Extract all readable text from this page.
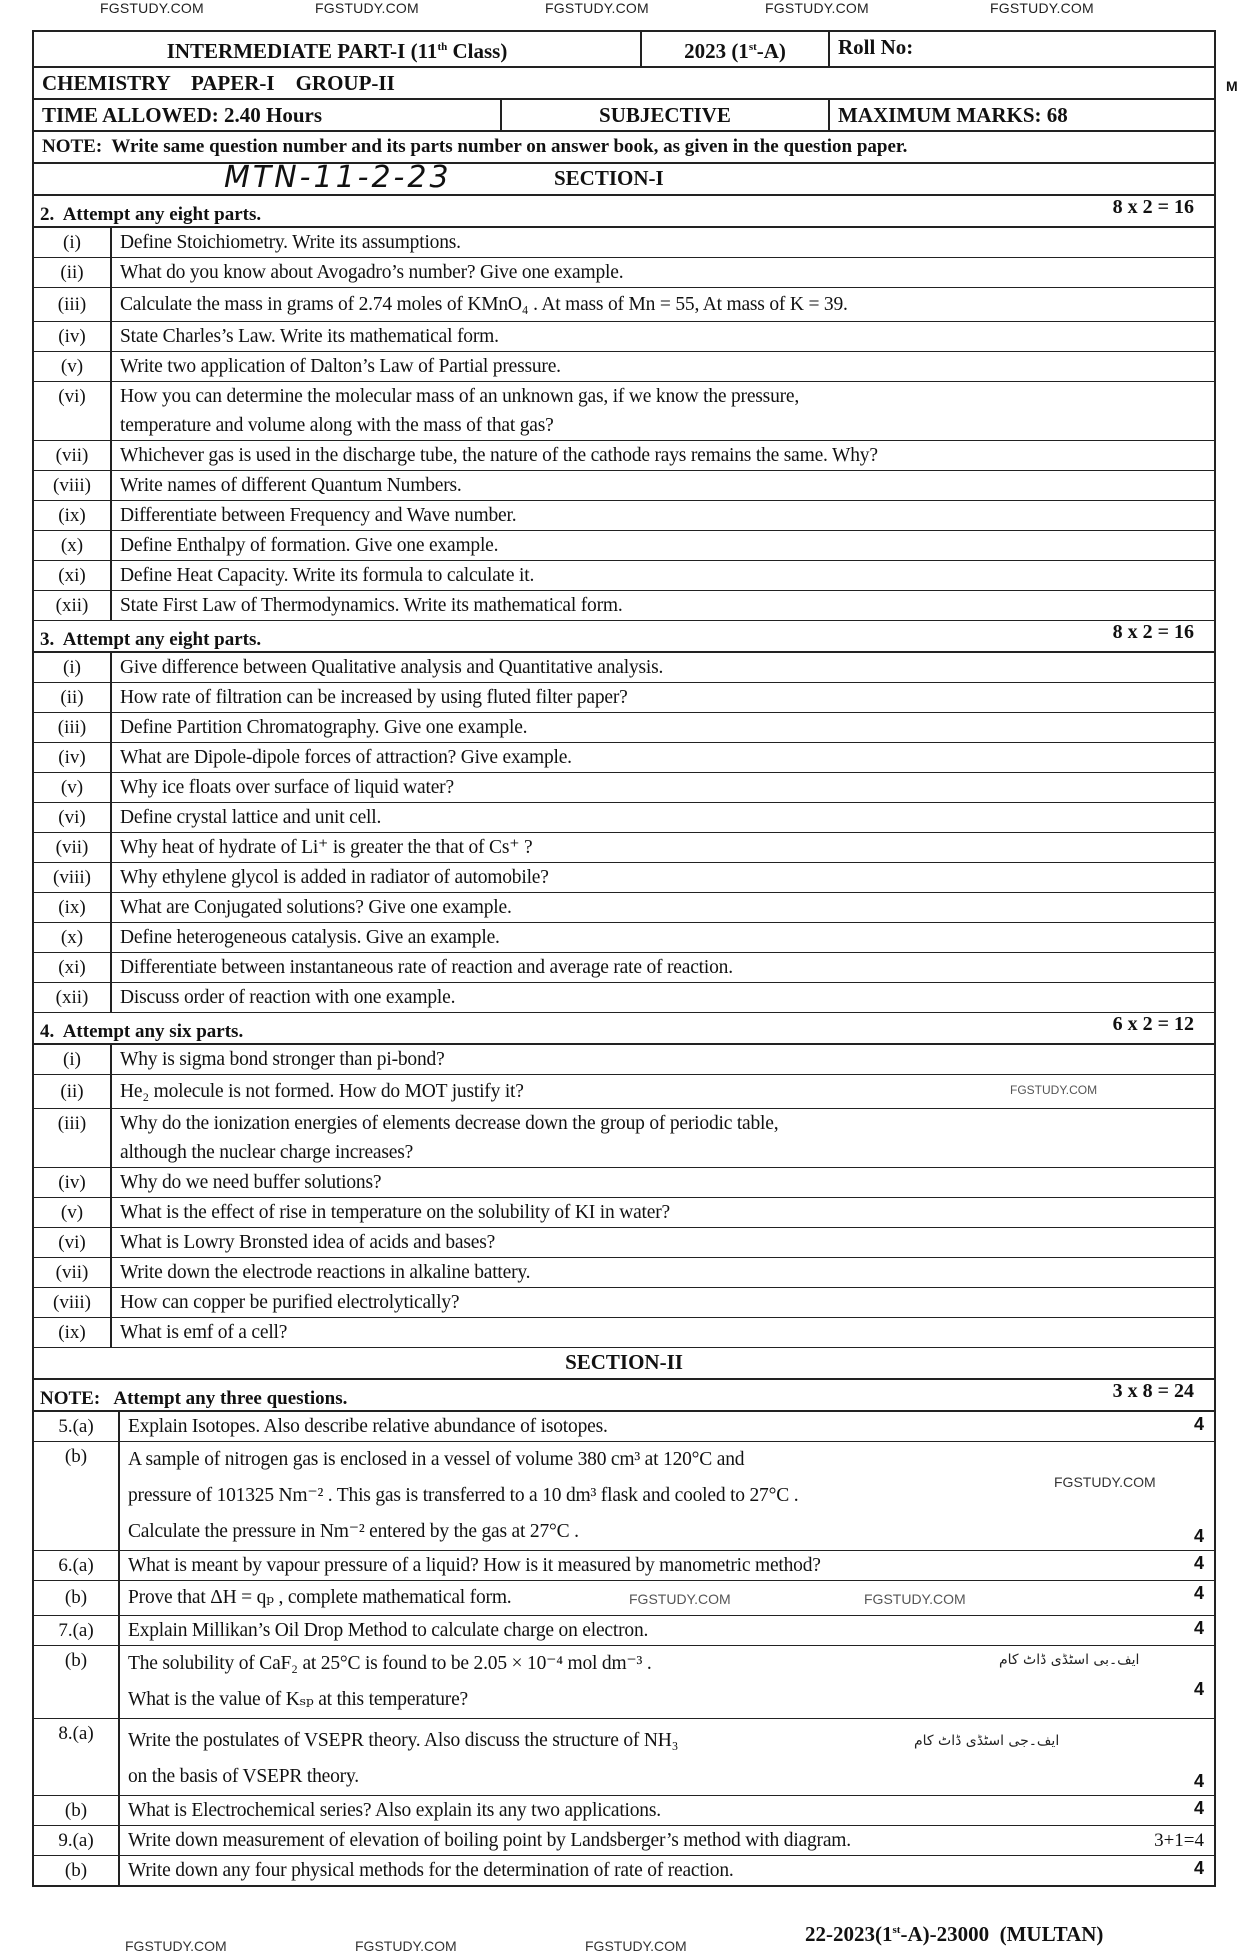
FGSTUDY.COM	FGSTUDY.COM	FGSTUDY.COM	FGSTUDY.COM	FGSTUDY.COM
M
INTERMEDIATE PART-I (11th Class)	2023 (1st-A)	Roll No:
CHEMISTRY    PAPER-I    GROUP-II
TIME ALLOWED: 2.40 Hours	SUBJECTIVE	MAXIMUM MARKS: 68
NOTE:  Write same question number and its parts number on answer book, as given in the question paper.
MTN-11-2-23	SECTION-I
2.  Attempt any eight parts.	8 x 2 = 16
(i)	Define Stoichiometry. Write its assumptions.
(ii)	What do you know about Avogadro’s number? Give one example.
(iii)	Calculate the mass in grams of 2.74 moles of KMnO₄ . At mass of Mn = 55, At mass of K = 39.
(iv)	State Charles’s Law. Write its mathematical form.
(v)	Write two application of Dalton’s Law of Partial pressure.
(vi)	How you can determine the molecular mass of an unknown gas, if we know the pressure,
temperature and volume along with the mass of that gas?
(vii)	Whichever gas is used in the discharge tube, the nature of the cathode rays remains the same. Why?
(viii)	Write names of different Quantum Numbers.
(ix)	Differentiate between Frequency and Wave number.
(x)	Define Enthalpy of formation. Give one example.
(xi)	Define Heat Capacity. Write its formula to calculate it.
(xii)	State First Law of Thermodynamics. Write its mathematical form.
3.  Attempt any eight parts.	8 x 2 = 16
(i)	Give difference between Qualitative analysis and Quantitative analysis.
(ii)	How rate of filtration can be increased by using fluted filter paper?
(iii)	Define Partition Chromatography. Give one example.
(iv)	What are Dipole-dipole forces of attraction? Give example.
(v)	Why ice floats over surface of liquid water?
(vi)	Define crystal lattice and unit cell.
(vii)	Why heat of hydrate of Li⁺ is greater the that of Cs⁺ ?
(viii)	Why ethylene glycol is added in radiator of automobile?
(ix)	What are Conjugated solutions? Give one example.
(x)	Define heterogeneous catalysis. Give an example.
(xi)	Differentiate between instantaneous rate of reaction and average rate of reaction.
(xii)	Discuss order of reaction with one example.
4.  Attempt any six parts.	6 x 2 = 12
(i)	Why is sigma bond stronger than pi-bond?
(ii)	He₂ molecule is not formed. How do MOT justify it?
(iii)	Why do the ionization energies of elements decrease down the group of periodic table,
although the nuclear charge increases?
(iv)	Why do we need buffer solutions?
(v)	What is the effect of rise in temperature on the solubility of KI in water?
(vi)	What is Lowry Bronsted idea of acids and bases?
(vii)	Write down the electrode reactions in alkaline battery.
(viii)	How can copper be purified electrolytically?
(ix)	What is emf of a cell?
SECTION-II
NOTE:   Attempt any three questions.	3 x 8 = 24
5.(a)	Explain Isotopes. Also describe relative abundance of isotopes.	4
(b)	A sample of nitrogen gas is enclosed in a vessel of volume 380 cm³ at 120°C and
pressure of 101325 Nm⁻² . This gas is transferred to a 10 dm³ flask and cooled to 27°C .
Calculate the pressure in Nm⁻² entered by the gas at 27°C .	4
FGSTUDY.COM
6.(a)	What is meant by vapour pressure of a liquid? How is it measured by manometric method?	4
(b)	Prove that ΔH = qₚ , complete mathematical form.	4
FGSTUDY.COM	FGSTUDY.COM
7.(a)	Explain Millikan’s Oil Drop Method to calculate charge on electron.	4
(b)	The solubility of CaF₂ at 25°C is found to be 2.05 × 10⁻⁴ mol dm⁻³ .
What is the value of Kₛₚ at this temperature?	4
ایف۔بی اسٹڈی ڈاٹ کام
8.(a)	Write the postulates of VSEPR theory. Also discuss the structure of NH₃
on the basis of VSEPR theory.	4
ایف۔جی اسٹڈی ڈاٹ کام
(b)	What is Electrochemical series? Also explain its any two applications.	4
9.(a)	Write down measurement of elevation of boiling point by Landsberger’s method with diagram.	3+1=4
(b)	Write down any four physical methods for the determination of rate of reaction.	4
FGSTUDY.COM
22-2023(1st-A)-23000  (MULTAN)
FGSTUDY.COM	FGSTUDY.COM	FGSTUDY.COM
